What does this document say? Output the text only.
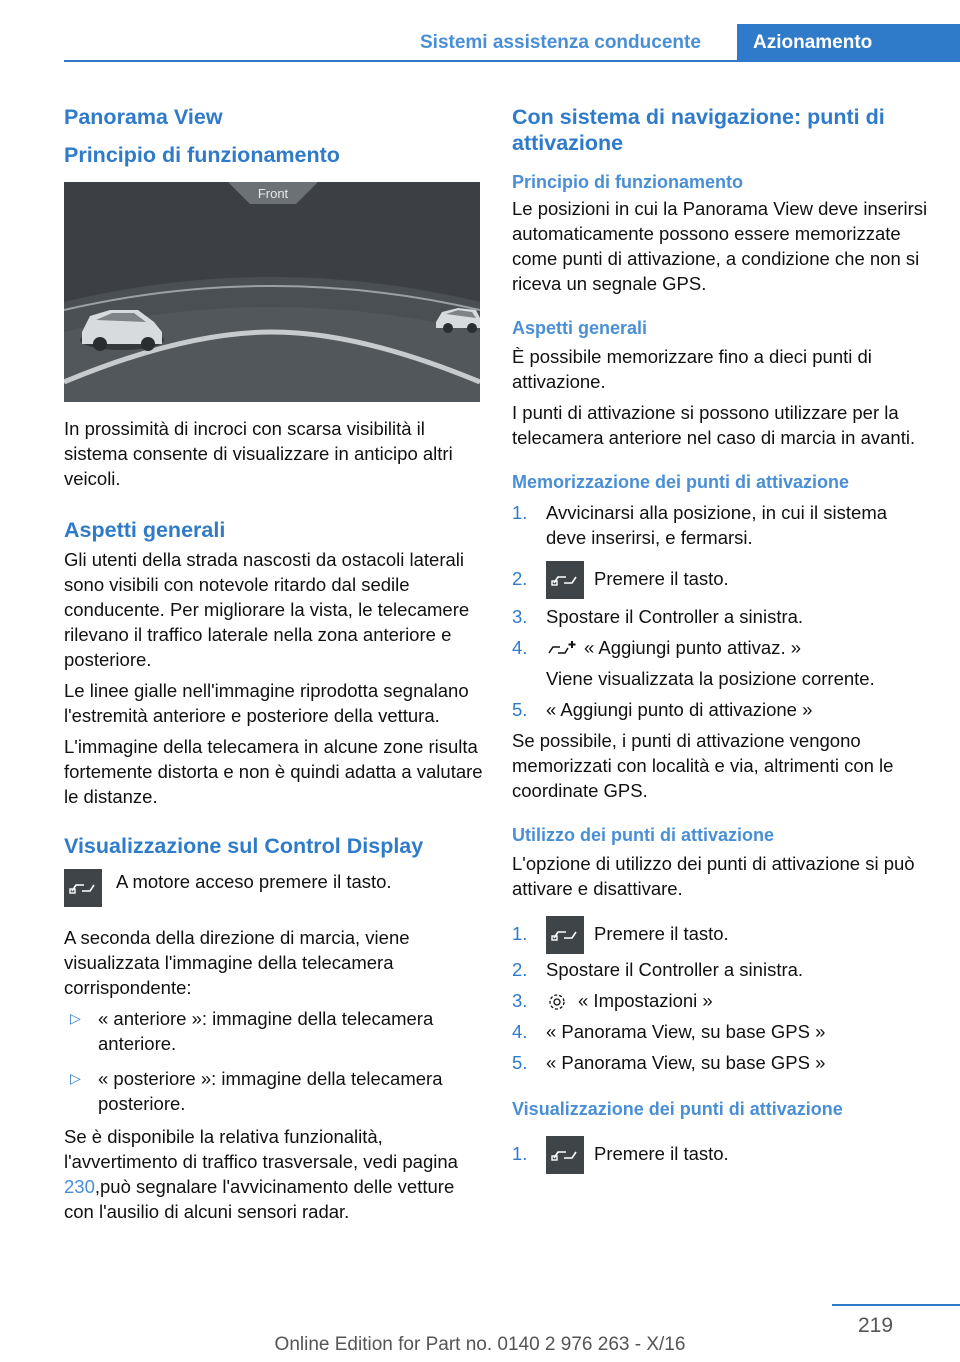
Sistemi assistenza conducente	Azionamento
Panorama View
Principio di funzionamento
Front

In prossimità di incroci con scarsa visibilità il sistema consente di visualizzare in anticipo altri veicoli.

Aspetti generali

Gli utenti della strada nascosti da ostacoli laterali sono visibili con notevole ritardo dal sedile conducente. Per migliorare la vista, le telecamere rilevano il traffico laterale nella zona anteriore e posteriore.

Le linee gialle nell'immagine riprodotta segnalano l'estremità anteriore e posteriore della vettura.

L'immagine della telecamera in alcune zone risulta fortemente distorta e non è quindi adatta a valutare le distanze.

Visualizzazione sul Control Display
A motore acceso premere il tasto.

A seconda della direzione di marcia, viene visualizzata l'immagine della telecamera corrispondente:

▷ « anteriore »: immagine della telecamera anteriore.
▷ « posteriore »: immagine della telecamera posteriore.

Se è disponibile la relativa funzionalità, l'avvertimento di traffico trasversale, vedi pagina 230,può segnalare l'avvicinamento delle vetture con l'ausilio di alcuni sensori radar.

Con sistema di navigazione: punti di attivazione
Principio di funzionamento

Le posizioni in cui la Panorama View deve inserirsi automaticamente possono essere memorizzate come punti di attivazione, a condizione che non si riceva un segnale GPS.

Aspetti generali

È possibile memorizzare fino a dieci punti di attivazione.

I punti di attivazione si possono utilizzare per la telecamera anteriore nel caso di marcia in avanti.

Memorizzazione dei punti di attivazione
1. Avvicinarsi alla posizione, in cui il sistema deve inserirsi, e fermarsi.
2.	Premere il tasto.
3. Spostare il Controller a sinistra.
4.	« Aggiungi punto attivaz. »
Viene visualizzata la posizione corrente.
5. « Aggiungi punto di attivazione »

Se possibile, i punti di attivazione vengono memorizzati con località e via, altrimenti con le coordinate GPS.

Utilizzo dei punti di attivazione

L'opzione di utilizzo dei punti di attivazione si può attivare e disattivare.

1.	Premere il tasto.
2. Spostare il Controller a sinistra.
3.	« Impostazioni »
4. « Panorama View, su base GPS »
5. « Panorama View, su base GPS »
Visualizzazione dei punti di attivazione
1.	Premere il tasto.
219
Online Edition for Part no. 0140 2 976 263 - X/16
